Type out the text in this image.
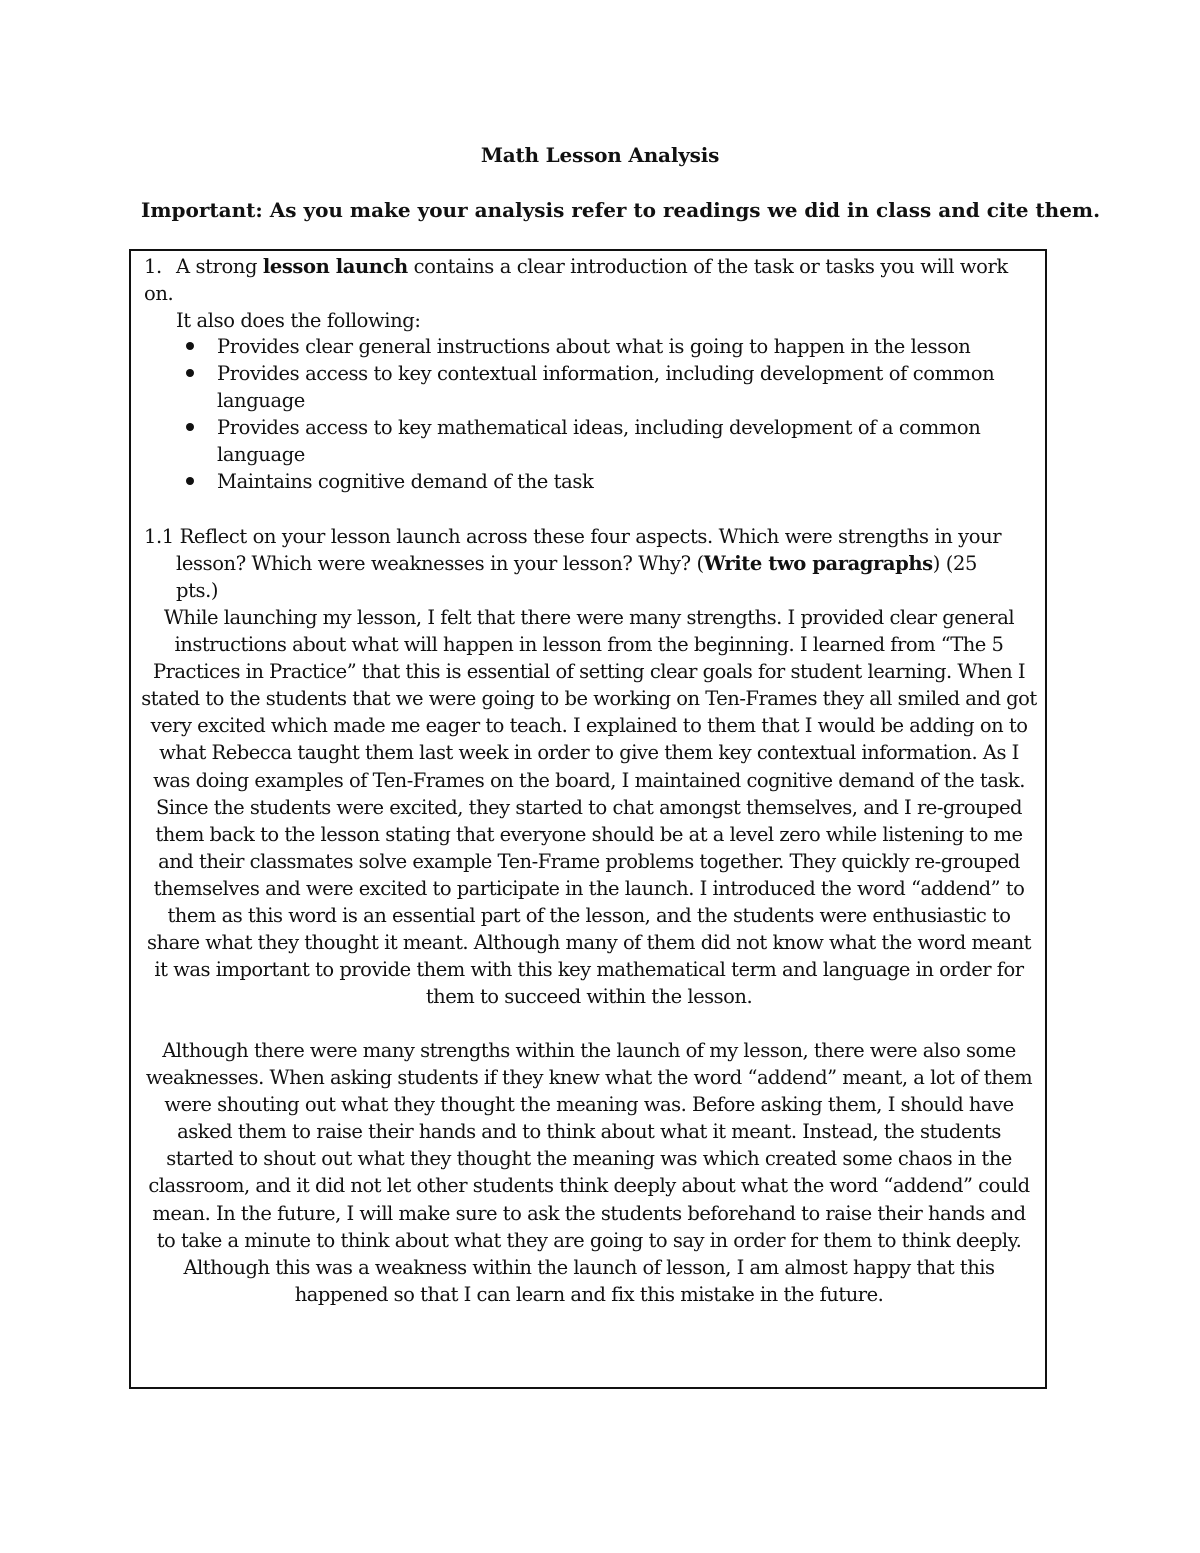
Math Lesson Analysis
Important: As you make your analysis refer to readings we did in class and cite them.
1. A strong lesson launch contains a clear introduction of the task or tasks you will work on.
It also does the following:
Provides clear general instructions about what is going to happen in the lesson
Provides access to key contextual information, including development of common language
Provides access to key mathematical ideas, including development of a common language
Maintains cognitive demand of the task
1.1 Reflect on your lesson launch across these four aspects. Which were strengths in your
lesson? Which were weaknesses in your lesson? Why? (Write two paragraphs) (25 pts.)
While launching my lesson, I felt that there were many strengths. I provided clear general instructions about what will happen in lesson from the beginning. I learned from “The 5 Practices in Practice” that this is essential of setting clear goals for student learning. When I stated to the students that we were going to be working on Ten-Frames they all smiled and got very excited which made me eager to teach. I explained to them that I would be adding on to what Rebecca taught them last week in order to give them key contextual information. As I was doing examples of Ten-Frames on the board, I maintained cognitive demand of the task. Since the students were excited, they started to chat amongst themselves, and I re-grouped them back to the lesson stating that everyone should be at a level zero while listening to me and their classmates solve example Ten-Frame problems together. They quickly re-grouped themselves and were excited to participate in the launch. I introduced the word “addend” to them as this word is an essential part of the lesson, and the students were enthusiastic to share what they thought it meant. Although many of them did not know what the word meant it was important to provide them with this key mathematical term and language in order for them to succeed within the lesson.
Although there were many strengths within the launch of my lesson, there were also some weaknesses. When asking students if they knew what the word “addend” meant, a lot of them were shouting out what they thought the meaning was. Before asking them, I should have asked them to raise their hands and to think about what it meant. Instead, the students started to shout out what they thought the meaning was which created some chaos in the classroom, and it did not let other students think deeply about what the word “addend” could mean. In the future, I will make sure to ask the students beforehand to raise their hands and to take a minute to think about what they are going to say in order for them to think deeply. Although this was a weakness within the launch of lesson, I am almost happy that this happened so that I can learn and fix this mistake in the future.
